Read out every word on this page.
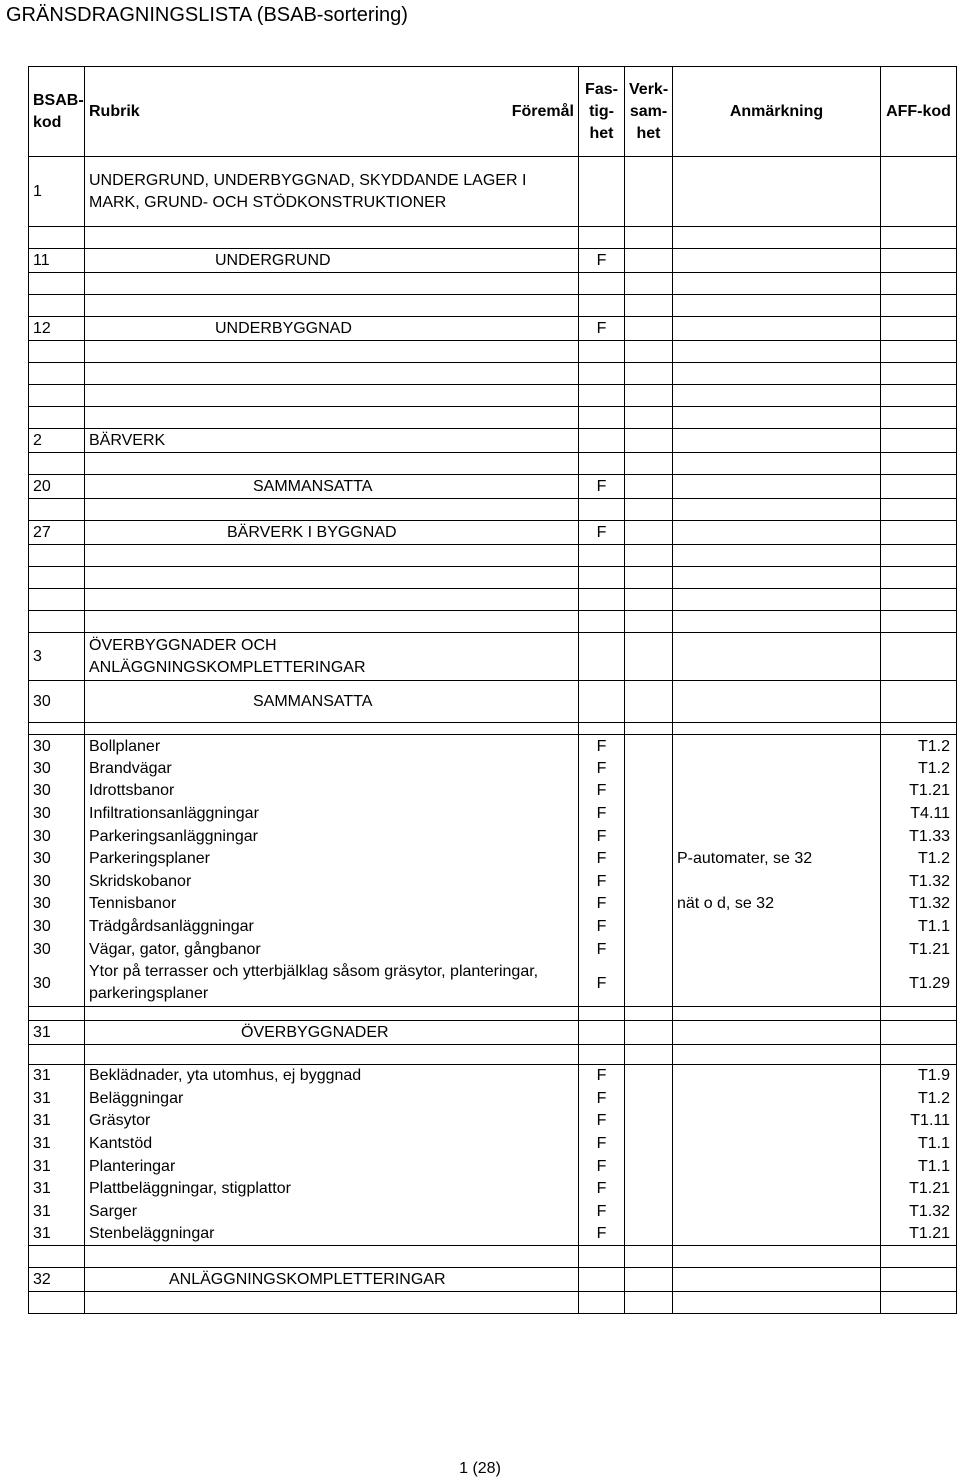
GRÄNSDRAGNINGSLISTA (BSAB-sortering)
BSAB-kod	Rubrik Föremål	Fas-tig-het	Verk-sam-het	Anmärkning	AFF-kod
1	UNDERGRUND, UNDERBYGGNAD, SKYDDANDE LAGER I MARK, GRUND- OCH STÖDKONSTRUKTIONER				

11	UNDERGRUND	F			

12	UNDERBYGGNAD	F			

2	BÄRVERK				

20	SAMMANSATTA	F			

27	BÄRVERK I BYGGNAD	F			

3	ÖVERBYGGNADER OCH ANLÄGGNINGSKOMPLETTERINGAR				
30	SAMMANSATTA				

30	Bollplaner	F			T1.2
30	Brandvägar	F			T1.2
30	Idrottsbanor	F			T1.21
30	Infiltrationsanläggningar	F			T4.11
30	Parkeringsanläggningar	F			T1.33
30	Parkeringsplaner	F		P-automater, se 32	T1.2
30	Skridskobanor	F			T1.32
30	Tennisbanor	F		nät o d, se 32	T1.32
30	Trädgårdsanläggningar	F			T1.1
30	Vägar, gator, gångbanor	F			T1.21
30	Ytor på terrasser och ytterbjälklag såsom gräsytor, planteringar, parkeringsplaner	F			T1.29

31	ÖVERBYGGNADER				

31	Beklädnader, yta utomhus, ej byggnad	F			T1.9
31	Beläggningar	F			T1.2
31	Gräsytor	F			T1.11
31	Kantstöd	F			T1.1
31	Planteringar	F			T1.1
31	Plattbeläggningar, stigplattor	F			T1.21
31	Sarger	F			T1.32
31	Stenbeläggningar	F			T1.21

32	ANLÄGGNINGSKOMPLETTERINGAR				

1 (28)
